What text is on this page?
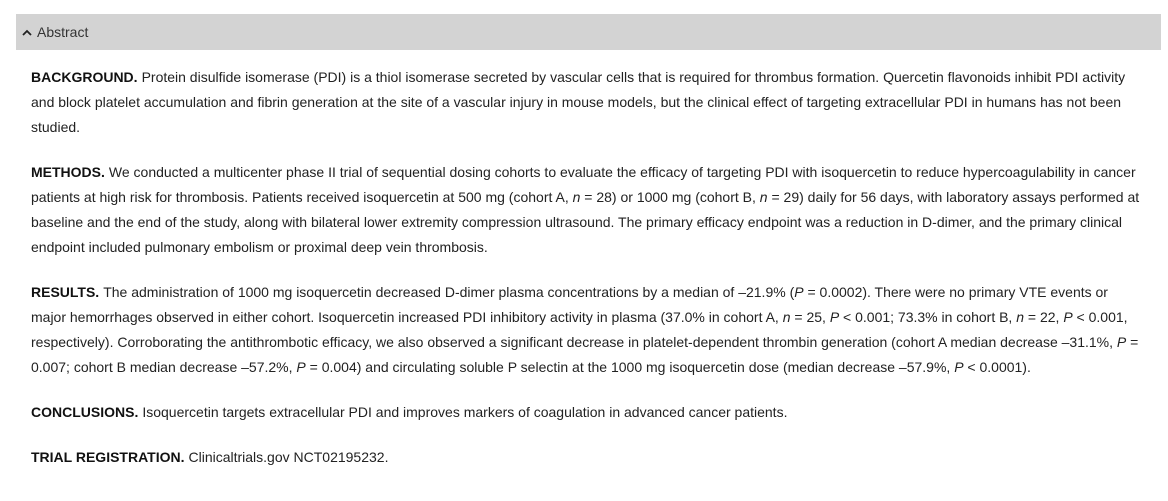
Abstract

BACKGROUND. Protein disulfide isomerase (PDI) is a thiol isomerase secreted by vascular cells that is required for thrombus formation. Quercetin flavonoids inhibit PDI activity and block platelet accumulation and fibrin generation at the site of a vascular injury in mouse models, but the clinical effect of targeting extracellular PDI in humans has not been studied.

METHODS. We conducted a multicenter phase II trial of sequential dosing cohorts to evaluate the efficacy of targeting PDI with isoquercetin to reduce hypercoagulability in cancer patients at high risk for thrombosis. Patients received isoquercetin at 500 mg (cohort A, n = 28) or 1000 mg (cohort B, n = 29) daily for 56 days, with laboratory assays performed at baseline and the end of the study, along with bilateral lower extremity compression ultrasound. The primary efficacy endpoint was a reduction in D-dimer, and the primary clinical endpoint included pulmonary embolism or proximal deep vein thrombosis.

RESULTS. The administration of 1000 mg isoquercetin decreased D-dimer plasma concentrations by a median of –21.9% (P = 0.0002). There were no primary VTE events or major hemorrhages observed in either cohort. Isoquercetin increased PDI inhibitory activity in plasma (37.0% in cohort A, n = 25, P < 0.001; 73.3% in cohort B, n = 22, P < 0.001, respectively). Corroborating the antithrombotic efficacy, we also observed a significant decrease in platelet-dependent thrombin generation (cohort A median decrease –31.1%, P = 0.007; cohort B median decrease –57.2%, P = 0.004) and circulating soluble P selectin at the 1000 mg isoquercetin dose (median decrease –57.9%, P < 0.0001).

CONCLUSIONS. Isoquercetin targets extracellular PDI and improves markers of coagulation in advanced cancer patients.

TRIAL REGISTRATION. Clinicaltrials.gov NCT02195232.
